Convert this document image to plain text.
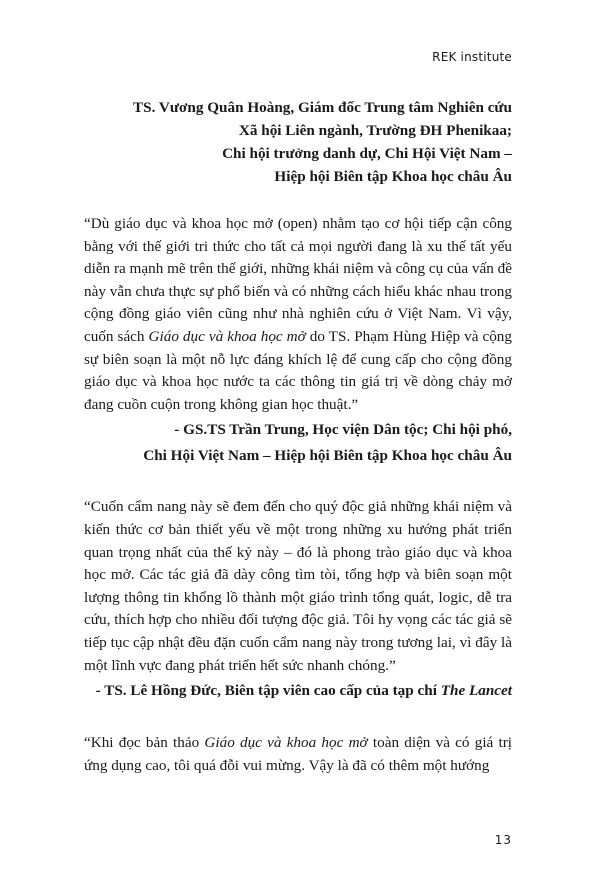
REK institute
TS. Vương Quân Hoàng, Giám đốc Trung tâm Nghiên cứu
Xã hội Liên ngành, Trường ĐH Phenikaa;
Chi hội trưởng danh dự, Chi Hội Việt Nam –
Hiệp hội Biên tập Khoa học châu Âu

“Dù giáo dục và khoa học mở (open) nhằm tạo cơ hội tiếp cận công bằng với thế giới tri thức cho tất cả mọi người đang là xu thế tất yếu diễn ra mạnh mẽ trên thế giới, những khái niệm và công cụ của vấn đề này vẫn chưa thực sự phổ biến và có những cách hiểu khác nhau trong cộng đồng giáo viên cũng như nhà nghiên cứu ở Việt Nam. Vì vậy, cuốn sách Giáo dục và khoa học mở do TS. Phạm Hùng Hiệp và cộng sự biên soạn là một nỗ lực đáng khích lệ để cung cấp cho cộng đồng giáo dục và khoa học nước ta các thông tin giá trị về dòng chảy mở đang cuồn cuộn trong không gian học thuật.”

- GS.TS Trần Trung, Học viện Dân tộc; Chi hội phó,
Chi Hội Việt Nam – Hiệp hội Biên tập Khoa học châu Âu

“Cuốn cẩm nang này sẽ đem đến cho quý độc giả những khái niệm và kiến thức cơ bản thiết yếu về một trong những xu hướng phát triển quan trọng nhất của thế kỷ này – đó là phong trào giáo dục và khoa học mở. Các tác giả đã dày công tìm tòi, tổng hợp và biên soạn một lượng thông tin khổng lồ thành một giáo trình tổng quát, logic, dễ tra cứu, thích hợp cho nhiều đối tượng độc giả. Tôi hy vọng các tác giả sẽ tiếp tục cập nhật đều đặn cuốn cẩm nang này trong tương lai, vì đây là một lĩnh vực đang phát triển hết sức nhanh chóng.”

- TS. Lê Hồng Đức, Biên tập viên cao cấp của tạp chí The Lancet

“Khi đọc bản thảo Giáo dục và khoa học mở toàn diện và có giá trị ứng dụng cao, tôi quá đỗi vui mừng. Vậy là đã có thêm một hướng

13
